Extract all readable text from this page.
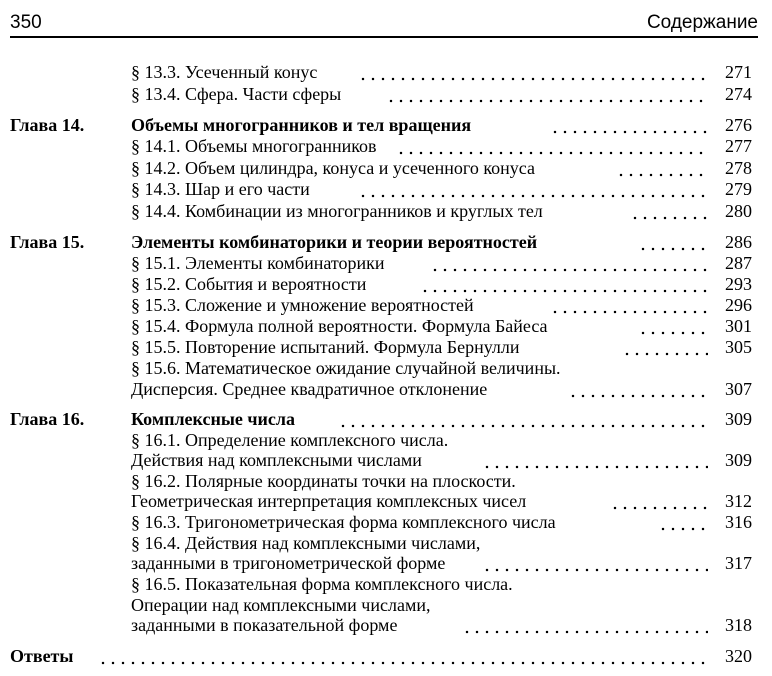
350	Содержание
§ 13.3. Усеченный конус	271
§ 13.4. Сфера. Части сферы	274
Глава 14.	Объемы многогранников и тел вращения	276
§ 14.1. Объемы многогранников	277
§ 14.2. Объем цилиндра, конуса и усеченного конуса	278
§ 14.3. Шар и его части	279
§ 14.4. Комбинации из многогранников и круглых тел	280
Глава 15.	Элементы комбинаторики и теории вероятностей	286
§ 15.1. Элементы комбинаторики	287
§ 15.2. События и вероятности	293
§ 15.3. Сложение и умножение вероятностей	296
§ 15.4. Формула полной вероятности. Формула Байеса	301
§ 15.5. Повторение испытаний. Формула Бернулли	305
§ 15.6. Математическое ожидание случайной величины.
Дисперсия. Среднее квадратичное отклонение	307
Глава 16.	Комплексные числа	309
§ 16.1. Определение комплексного числа.
Действия над комплексными числами	309
§ 16.2. Полярные координаты точки на плоскости.
Геометрическая интерпретация комплексных чисел	312
§ 16.3. Тригонометрическая форма комплексного числа	316
§ 16.4. Действия над комплексными числами,
заданными в тригонометрической форме	317
§ 16.5. Показательная форма комплексного числа.
Операции над комплексными числами,
заданными в показательной форме	318
Ответы	320
